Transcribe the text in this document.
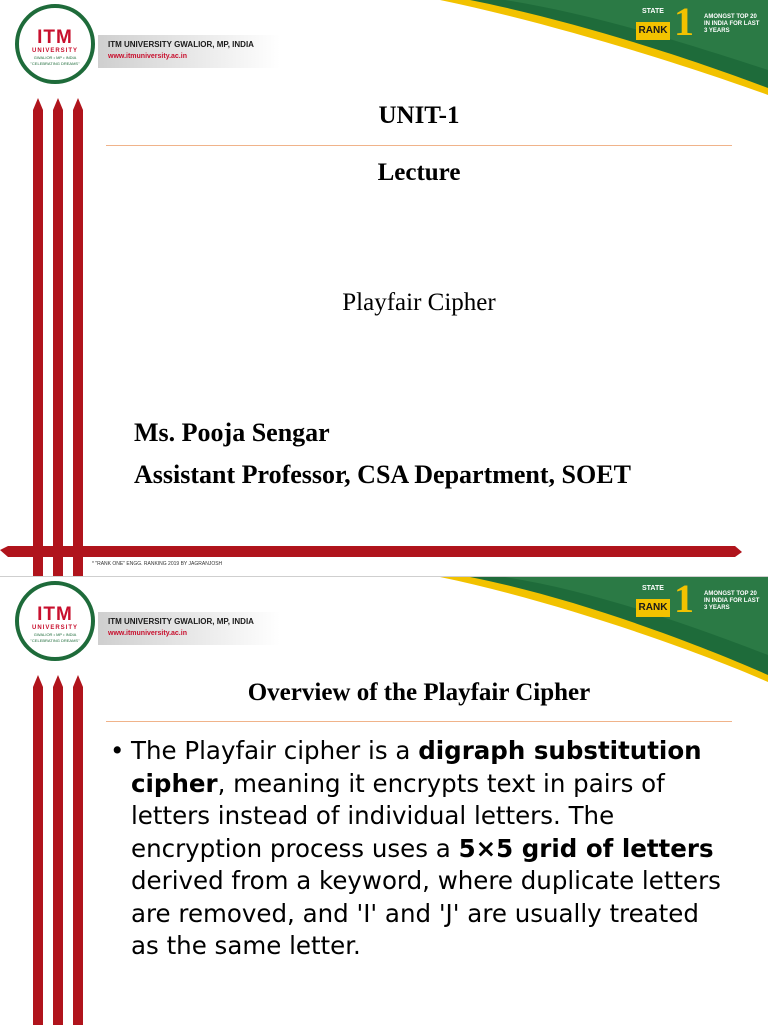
ITM
UNIVERSITY
GWALIOR • MP • INDIA
"CELEBRATING DREAMS"
ITM UNIVERSITY GWALIOR, MP, INDIA
www.itmuniversity.ac.in
STATE
RANK 1 AMONGST TOP 20 IN INDIA FOR LAST 3 YEARS
UNIT-1
Lecture
Playfair Cipher
Ms. Pooja Sengar
Assistant Professor, CSA Department, SOET
* "RANK ONE" ENGG. RANKING 2019 BY JAGRANJOSH
ITM
UNIVERSITY
GWALIOR • MP • INDIA
"CELEBRATING DREAMS"
ITM UNIVERSITY GWALIOR, MP, INDIA
www.itmuniversity.ac.in
STATE
RANK 1 AMONGST TOP 20 IN INDIA FOR LAST 3 YEARS
Overview of the Playfair Cipher
• The Playfair cipher is a digraph substitution cipher, meaning it encrypts text in pairs of letters instead of individual letters. The encryption process uses a 5×5 grid of letters derived from a keyword, where duplicate letters are removed, and 'I' and 'J' are usually treated as the same letter.
